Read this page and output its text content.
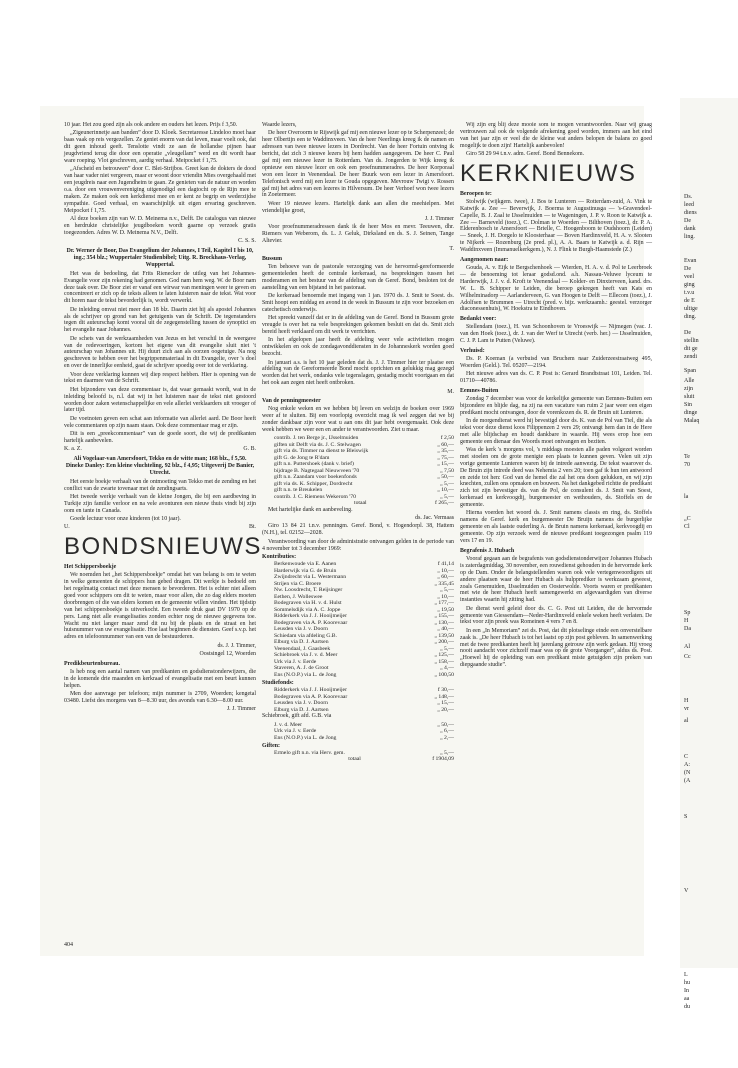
10 jaar. Het zou goed zijn als ook andere en ouders het lezen. Prijs f 3,50.

„Zigeunerinnetje aan banden” door D. Kloek. Secretaresse Lindeloo moet haar baas vaak op reis vergezellen. Ze geniet enorm van dat leven, maar voelt ook, dat dit geen inhoud geeft. Tenslotte vindt ze aan de hollandse pijnen haar jeugdvriend terug die door een operatie „vleugellam” werd en dit wordt haar ware roeping. Vlot geschreven, aardig verhaal. Meipocket f 1,75.

„Afscheid en betrouwen” door C. Blei-Strijbos. Greet kan de dokters de dood van haar vader niet vergeven, maar er woont door vriendin Mies overgehaald met een jeugdreis naar een Jugendheim te gaan. Ze genieten van de natuur en worden o.a. door een vrouwenvereniging uitgenodigd een dagtocht op de Rijn mee te maken. Ze maken ook een kerkdienst mee en er kent ze begrip en wederzijdse sympathie. Goed verhaal, en waarschijnlijk uit eigen ervaring geschreven. Meipocket f 1,75.

Al deze boeken zijn van W. D. Meinema n.v., Delft. De catalogus van nieuwe en herdrukte christelijke jeugdboeken wordt gaarne op verzoek gratis toegezonden. Adres W. D. Meinema N.V., Delft.

C. S. S.

Dr. Werner de Boor, Das Evangelium der Johannes, I Teil, Kapitel I bis 10, ing.; 354 blz.; Wuppertaler Studienbibel; Uitg. R. Brockhaus-Verlag, Wuppertal.

Het was de bedoeling, dat Frits Rienecker de uitleg van het Johannes-Evangelie voor zijn rekening had genomen. God nam hem weg. W. de Boor nam deze taak over. De Boor ziet er vanaf een wirwar van meningen weer te geven en concentreert er zich op de teksts alleen te laten luisteren naar de tekst. Wat voor dit horen naar de tekst bevorderlijk is, wordt verwerkt.

De inleiding omvat niet meer dan 18 blz. Daarin ziet hij als apostel Johannes als de schrijver op grond van het getuigenis van de Schrift. De tegenstanders tegen dit auteurschap komt vooral uit de zegegenstelling tussen de synoptici en het evangelie naar Johannes.

De schets van de werkzaamheden van Jezus en het verschil in de weergave van de redevoeringen, kortom het eigene van dit evangelie sluit niet 't auteurschap van Johannes uit. Hij duurt zich aan als oorzen oogetuige. Na nog geschreven te hebben over het begrippenmateriaal in dit Evangelie, over 's doel en over de innerlijke eenheid, gaat de schrijver spoedig over tot de verklaring.

Voor deze verklaring kunnen wij diep respect hebben. Hier is opening van de tekst en daarmee van de Schrift.

Het bijzondere van deze commentaar is, dat waar gemaakt wordt, wat in de inleiding beloofd is, n.l. dat wij in het luisteren naar de tekst niet gestoord worden door zaken wetenschappelijke en vele allerlei verklaarders uit vroeger of later tijd.

De voetnoten geven een schat aan informatie van allerlei aard. De Boor heeft vele commentaren op zijn naam staan. Ook deze commentaar mag er zijn.

Dit is een „preekcommentaar” van de goede soort, die wij de predikanten hartelijk aanbevelen.

K. a. Z.	G. B.

Ali Vogelaar-van Amersfoort, Tekko en de witte man; 168 blz., f 5,50. Dineke Danley: Een kleine vluchteling, 92 blz., f 4,95; Uitgeverij De Banier, Utrecht.

Het eerste boekje verhaalt van de ontmoeting van Tekko met de zending en het conflict van de zwarte tovenaar met de zendingsarts.

Het tweede werkje verhaalt van de kleine Jongen, die bij een aardbeving in Turkije zijn familie verloor en na vele avonturen een nieuw thuis vindt bij zijn oom en tante in Canada.

Goede lectuur voor onze kinderen (tot 10 jaar).

U.	Bt.

BONDSNIEUWS

Het Schippersboekje

We noemden het „het Schippersboekje” omdat het van belang is om te weten in welke gemeenten de schippers hun gebed dragen. Dit werkje is bedoeld om het regelmatig contact met deze mensen te bevorderen. Het is echter niet alleen goed voor schippers om dit te weten, maar voor allen, die zo dag elders moeten doorbrengen of die van elders komen en de gemeente willen vinden. Het tijdstip van het schippersboekje is uitverkocht. Een tweede druk gaat DV 1970 op de pers. Lang niet alle evangelisaties zonden echter nog de nieuwe gegevens toe. Wacht nu niet langer maar zend dit nu bij de plaats en de straat en het huisnummer van uw evangelisatie. Hoe laat beginnen de diensten. Geef s.v.p. het adres en telefoonnummer van een van de bestuurderen.

ds. J. J. Timmer,

Oostsingel 12, Woerden

Predikbeurtenbureau.

Is heb nog een aantal namen van predikanten en godsdienstonderwijzers, die in de komende drie maanden en kerkraad of evangelisatie met een beurt kunnen helpen.

Men doe aanvrage per telefoon; mijn nummer is 2709, Woerden; kengetal 03480. Liefst des morgens van 8—8.30 uur, des avonds van 6.30—8.00 uur.

J. J. Timmer

Waarde lezers,

De heer Overoorm te Rijswijk gaf mij een nieuwe lezer op te Scherpenzeel; de heer Olbertijn een te Waddinxveen. Van de heer Neerlings kreeg ik de namen en adressen van twee nieuwe lezers in Dordrecht. Van de heer Fortuin ontving ik bericht, dat zich 3 nieuwe lezers bij hem hadden aangegeven. De heer C. Paul gaf mij een nieuwe lezer in Rotterdam. Van ds. Jongerden te Wijk kreeg ik opnieuw een nieuwe lezer en ook een proefnummeradres. De heer Korporaal won een lezer in Veenendaal. De heer Buurk won een lezer in Amersfoort. Telefonisch werd mij een lezer te Gouda opgegeven. Mevrouw Twigt v. Rossen gaf mij het adres van een lezeres in Hilversum. De heer Verhoef won twee lezers in Zoetermeer.

Weer 19 nieuwe lezers. Hartelijk dank aan allen die meehielpen. Met vriendelijke groet,

J. J. Timmer

Voor proefnummeradressen dank ik de heer Mos en mevr. Teeuwen, dhr. Riemers van Weberom, ds. L. J. Geluk, Dirksland en ds. S. J. Seinen, Tange Altevier.

T.

Bussum

Ten behoeve van de pastorale verzorging van de hervormd-gereformeerde gemeenteleden heeft de centrale kerkeraad, na besprekingen tussen het moderamen en het bestuur van de afdeling van de Geref. Bond, besloten tot de aanstelling van een bijstand in het pastoraat.

De kerkeraad benoemde met ingang van 1 jan. 1970 ds. J. Smit te Soest. ds. Smit hoopt een middag en avond in de week in Bussum te zijn voor bezoeken en catechetisch onderwijs.

Het spreekt vanzelf dat er in de afdeling van de Geref. Bond in Bussum grote vreugde is over het na vele besprekingen gekomen besluit en dat ds. Smit zich bereid heeft verklaard om dit werk te verrichten.

In het afgelopen jaar heeft de afdeling weer vele activiteiten mogen ontwikkelen en ook de zondagavonddiensten in de Johanneskerk worden goed bezocht.

In januari a.s. is het 10 jaar geleden dat ds. J. J. Timmer hier ter plaatse een afdeling van de Gereformeerde Bond mocht oprichten en gelukkig mag gezegd worden dat het werk, ondanks vele tegenslagen, gestadig mocht voortgaan en dat het ook aan zegen niet heeft ontbroken.

M.

Van de penningmeester

Nog enkele weken en we hebben bij leven en welzijn de boeken over 1969 weer af te sluiten. Bij een voorlopig overzicht mag ik wel zeggen dat we bij zonder dankbaar zijn voor wat u aan ons dit jaar hebt overgemaakt. Ook deze week hebben we weer een en ander te verantwoorden. Ziet u maar.

contrib. J. ten Berge jr., IJsselmuiden	f 2,50
giften uit Delft via ds. J. C. Stelwagen	„ 60,—
gift via ds. Timmer na dienst te Bleiswijk	„ 35,—
gift G. de Jong te R'dam	„ 75,—
gift n.n. Puttershoek (dank v. brief)	„ 15,—
bijdrage B. Nagtegaal Nieuwveen '70	„ 7,50
gift n.n. Zaandam voor boekenfonds	„ 50,—
gift via ds. K. Schipper, Dordrecht	„ 5,—
gift n.n. te Breukelen	„ 10,—
contrib. J. C. Riemens Wekerom '70	„ 5,—
totaal	f 265,—

Met hartelijke dank en aanbeveling.

ds. Jac. Vermaas

Giro 13 84 21 t.n.v. penningm. Geref. Bond, v. Hogendorpl. 38, Hattem (N.H.), tel. 02152—2028.

Verantwoording van door de administratie ontvangen gelden in de periode van 4 november tot 3 december 1969:

Kontributies:

Berkenwoude via E. Aanen	f 41,14
Harderwijk via G. de Bruin	„ 10,—
Zwijndrecht via L. Westermann	„ 60,—
Strijen via C. Broere	„ 335,45
Nw. Loosdrecht, T. Reijsinger	„ 5,—
Eethen, J. Wolleswee	„ 10,—
Bodegraven via H. v. d. Hulst	„ 177,—
Sommelsdijk via A. C. Joppe	„ 19,50
Ridderkerk via J. J. Hooijmeijer	„ 155,—
Bodegraven via A. P. Koorevaar	„ 130,—
Leusden via J. v. Doorn	„ 40,—
Schiedam via afdeling G.B.	„ 139,50
Elburg via D. J. Aartsen	„ 200,—
Veenendaal, J. Gaasbeek	„ 5,—
Schiebroek via J. v. d. Meer	„ 125,—
Urk via J. v. Eerde	„ 158,—
Staveren, A. J. de Groot	„ 4,—
Ens (N.O.P.) via L. de Jong	„ 100,50

Studiefonds:

Ridderkerk via J. J. Hooijmeijer	f 30,—
Bodegraven via A. P. Koorevaar	„ 148,—
Leusden via J. v. Doorn	„ 15,—
Elburg via D. J. Aartsen	„ 20,—

Schiebroek, gift afd. G.B. via

J. v. d. Meer	„ 50,—
Urk via J. v. Eerde	„ 6,—
Ens (N.O.P.) via L. de Jong	„ 2,—

Giften:

Ermelo gift n.n. via Herv. gem.	„ 5,—
totaal	f 1904,09

Wij zijn erg blij deze mooie som te mogen verantwoorden. Naar wij graag vertrouwen zal ook de volgende afrekening goed worden, immers aan het eind van het jaar zijn er veel die de kleine wat anders belopen de balans zo goed mogelijk te doen zijn! Hartelijk aanbevolen!

Giro 58 29 94 t.n.v. adm. Geref. Bond Bennekom.

KERKNIEUWS

Beroepen te:

Stolwijk (wijkgem. twee), J. Bos te Lunteren — Rotterdam-zuid, A. Vink te Katwijk a. Zee — Beverwijk, J. Boerma te Augustinusga — 's-Gravendeel-Capelle, B. J. Zaal te IJsselmuiden — te Wageningen, J. P. v. Roon te Katwijk a. Zee — Barneveld (toez.), C. Dolman te Woerden — Bilthoven (toez.), dr. P. A. Elderenbosch te Amersfoort — Brielle, C. Hoogenboom te Oudshoorn (Leiden) — Sneek, J. H. Dorgelo te Kloosterhaar — Boven Hardinxveld, H. A. v. Slooten te Nijkerk — Rozenburg (2e pred. pl.), A. A. Baars te Katwijk a. d. Rijn — Waddinxveen (Immanuelkerkgem.), N. J. Flink te Burgh-Haamstede (Z.)

Aangenomen naar:

Gouda, A. v. Eijk te Bergschenhoek — Wierden, H. A. v. d. Pol te Leerbroek — de benoeming tot leraar godsd.ond. a.h. Nassau-Veluwe lyceum te Harderwijk, J. J. v. d. Kroft te Veenendaal — Kolder- en Dinxterveen, kand. drs. W. L. B. Schipper te Leiden, die beroep gekregen heeft van Kats en Wilhelminadorp — Aarlanderveen, G. van Hoogen te Delft — Ellecom (toez.), J. Adolfsen te Brummen — Utrecht (pred. v. bijz. werkzaamh.: geestel. verzorger diaconessenhuis), W. Hoekstra te Eindhoven.

Bedankt voor:

Stellendam (toez.), H. van Schoonhoven te Vroeswijk — Nijmegen (vac. J. van den Hoek (toez.), dr. J. van der Werf te Utrecht (verb. her.) — IJsselmuiden, C. J. P. Lam te Putten (Veluwe).

Verhuisd:

Ds. P. Koeman (a verbuisd van Bruchem naar Zuiderzeestraatweg 495, Woerden (Geld.). Tel. 05207—2194.

Het nieuwe adres van ds. C. P. Post is: Gerard Brandtstraat 101, Leiden. Tel. 01710—40786.

Eemnes-Buiten

Zondag 7 december was voor de kerkelijke gemeente van Eemnes-Buiten een bijzondere en blijde dag, na zij na een vacature van ruim 2 jaar weer een eigen predikant mocht ontvangen, door de vorenkozen ds. R. de Bruin uit Lunteren.

In de morgendienst werd hij bevestigd door ds. K. van de Pol van Tiel, die als tekst voor deze dienst koos Filippenzen 2 vers 29; ontvangt hem dan in de Here met alle blijdschap en houdt dankbare in waarde. Hij wees erop hoe een gemeente een dienaar des Woords moet ontvangen en beziten.

Was de kerk 's morgens vol, 's middags moesten alle paden volgezet worden met stoelen om de grote menigte een plaats te kunnen geven. Velen uit zijn vorige gemeente Lunteren waren bij de intrede aanwezig. De tekst waarover ds. De Bruin zijn intrede deed was Nehemia 2 vers 20; toen gaf ik hun ten antwoord en zeide tot hen: God van de hemel die zal het ons doen gelukken, en wij zijn knechten, zullen ons opmaken en bouwen. Na het dankgebed richtte de predikant zich tot zijn bevestiger ds. van de Pol, de consulent ds. J. Smit van Soest, kerkeraad en kerkvoogdij, burgemeester en wethouders, ds. Stoffels en de gemeente.

Hierna voerden het woord ds. J. Smit namens classis en ring, ds. Stoffels namens de Geref. kerk en burgemeester De Bruijn namens de burgerlijke gemeente en als laatste ouderling A. de Bruin namens kerkeraad, kerkvoogdij en gemeente. Op zijn verzoek werd de nieuwe predikant toegezongen psalm 119 vers 17 en 19.

Begrafenis J. Hubach

Vooraf gegaan aan de begrafenis van godsdienstonderwijzer Johannes Hubach is zaterdagmiddag, 30 november, een rouwdienst gehouden in de hervormde kerk op de Dam. Onder de belangstellenden waren ook vele vertegenwoordigers uit andere plaatsen waar de heer Hubach als hulpprediker is werkzaam geweest, zoals Genemuiden, IJsselmuiden en Oosterwolde. Voorts waren er predikanten met wie de heer Hubach heeft samengewerkt en afgevaardigden van diverse instanties waarin hij zitting had.

De dienst werd geleid door ds. C. G. Post uit Leiden, die de hervormde gemeente van Giessendam—Neder-Hardinxveld enkele weken heeft verlaten. De tekst voor zijn preek was Romeinen 4 vers 7 en 8.

In een „In Memoriam” zei ds. Post, dat dit plotselinge einde een onverstelbare zaak is. „De heer Hubach is tot het laatst op zijn post gebleven. In samenwerking met de twee predikanten heeft hij jarenlang getrouw zijn werk gedaan. Hij vroeg nooit aandacht voor zichzelf maar was op de grote Voorganger”, aldus ds. Post. „Hoewel hij de opleiding van een predikant miste getuigden zijn preken van diepgaande studie”.

404
Ds.
leed
diens
De
dank
ling.
Evan
De
veel
ging
t.v.u
de E
ultige
ding.
De
stellin
dit ge
zendi
Span
Alle
zijn
sluit
Sin
dinge
Malaq
Te
70
la
„C
Cl
Sp
H
Da
Al
Cc
H
vr
al
C
A:
(N
(A
S
V
L
hu
In
aa
du
